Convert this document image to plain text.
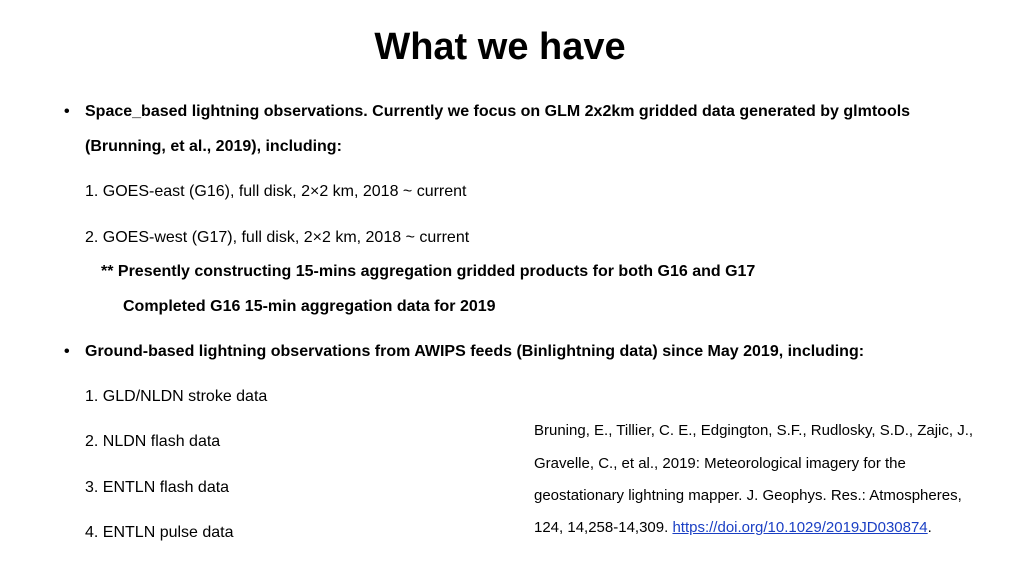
What we have
• Space_based lightning observations. Currently we focus on GLM 2x2km gridded data generated by glmtools
(Brunning, et al., 2019), including:
1. GOES-east (G16), full disk, 2×2 km, 2018 ~ current
2. GOES-west (G17), full disk, 2×2 km, 2018 ~ current
** Presently constructing 15-mins aggregation gridded products for both G16 and G17
Completed G16 15-min aggregation data for 2019
• Ground-based lightning observations from AWIPS feeds (Binlightning data) since May 2019, including:
1. GLD/NLDN stroke data
2. NLDN flash data
3. ENTLN flash data
4. ENTLN pulse data
Bruning, E., Tillier, C. E., Edgington, S.F., Rudlosky, S.D., Zajic, J.,
Gravelle, C., et al., 2019: Meteorological imagery for the
geostationary lightning mapper. J. Geophys. Res.: Atmospheres,
124, 14,258-14,309. https://doi.org/10.1029/2019JD030874.
